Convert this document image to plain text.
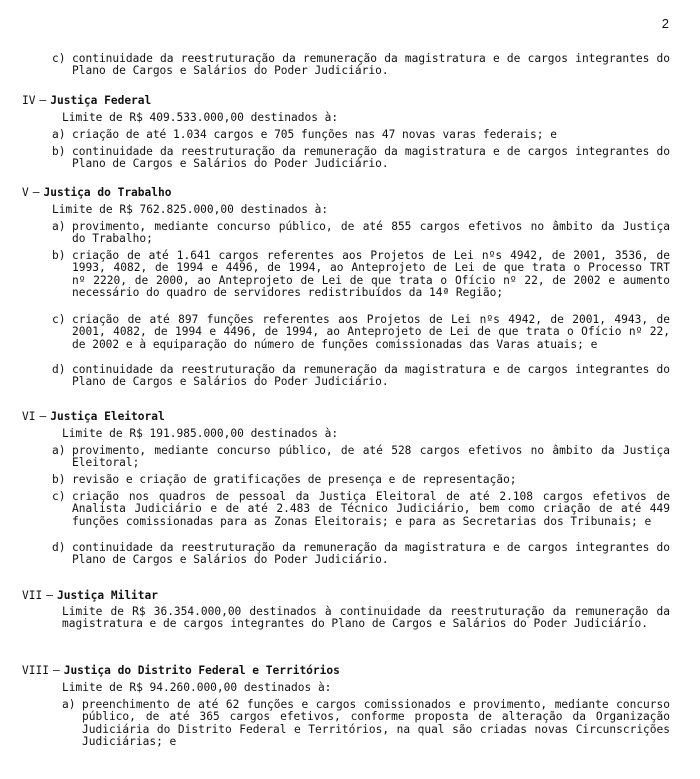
2
c) continuidade da reestruturação da remuneração da magistratura e de cargos integrantes do Plano de Cargos e Salários do Poder Judiciário.
IV – Justiça Federal
Limite de R$ 409.533.000,00 destinados à:
a) criação de até 1.034 cargos e 705 funções nas 47 novas varas federais; e
b) continuidade da reestruturação da remuneração da magistratura e de cargos integrantes do Plano de Cargos e Salários do Poder Judiciário.
V – Justiça do Trabalho
Limite de R$ 762.825.000,00 destinados à:
a) provimento, mediante concurso público, de até 855 cargos efetivos no âmbito da Justiça do Trabalho;
b) criação de até 1.641 cargos referentes aos Projetos de Lei nºs 4942, de 2001, 3536, de 1993, 4082, de 1994 e 4496, de 1994, ao Anteprojeto de Lei de que trata o Processo TRT nº 2220, de 2000, ao Anteprojeto de Lei de que trata o Ofício nº 22, de 2002 e aumento necessário do quadro de servidores redistribuídos da 14ª Região;
c) criação de até 897 funções referentes aos Projetos de Lei nºs 4942, de 2001, 4943, de 2001, 4082, de 1994 e 4496, de 1994, ao Anteprojeto de Lei de que trata o Ofício nº 22, de 2002 e à equiparação do número de funções comissionadas das Varas atuais; e
d) continuidade da reestruturação da remuneração da magistratura e de cargos integrantes do Plano de Cargos e Salários do Poder Judiciário.
VI – Justiça Eleitoral
Limite de R$ 191.985.000,00 destinados à:
a) provimento, mediante concurso público, de até 528 cargos efetivos no âmbito da Justiça Eleitoral;
b) revisão e criação de gratificações de presença e de representação;
c) criação nos quadros de pessoal da Justiça Eleitoral de até 2.108 cargos efetivos de Analista Judiciário e de até 2.483 de Técnico Judiciário, bem como criação de até 449 funções comissionadas para as Zonas Eleitorais; e para as Secretarias dos Tribunais; e
d) continuidade da reestruturação da remuneração da magistratura e de cargos integrantes do Plano de Cargos e Salários do Poder Judiciário.
VII – Justiça Militar
Limite de R$ 36.354.000,00 destinados à continuidade da reestruturação da remuneração da magistratura e de cargos integrantes do Plano de Cargos e Salários do Poder Judiciário.
VIII – Justiça do Distrito Federal e Territórios
Limite de R$ 94.260.000,00 destinados à:
a) preenchimento de até 62 funções e cargos comissionados e provimento, mediante concurso público, de até 365 cargos efetivos, conforme proposta de alteração da Organização Judiciária do Distrito Federal e Territórios, na qual são criadas novas Circunscrições Judiciárias; e
